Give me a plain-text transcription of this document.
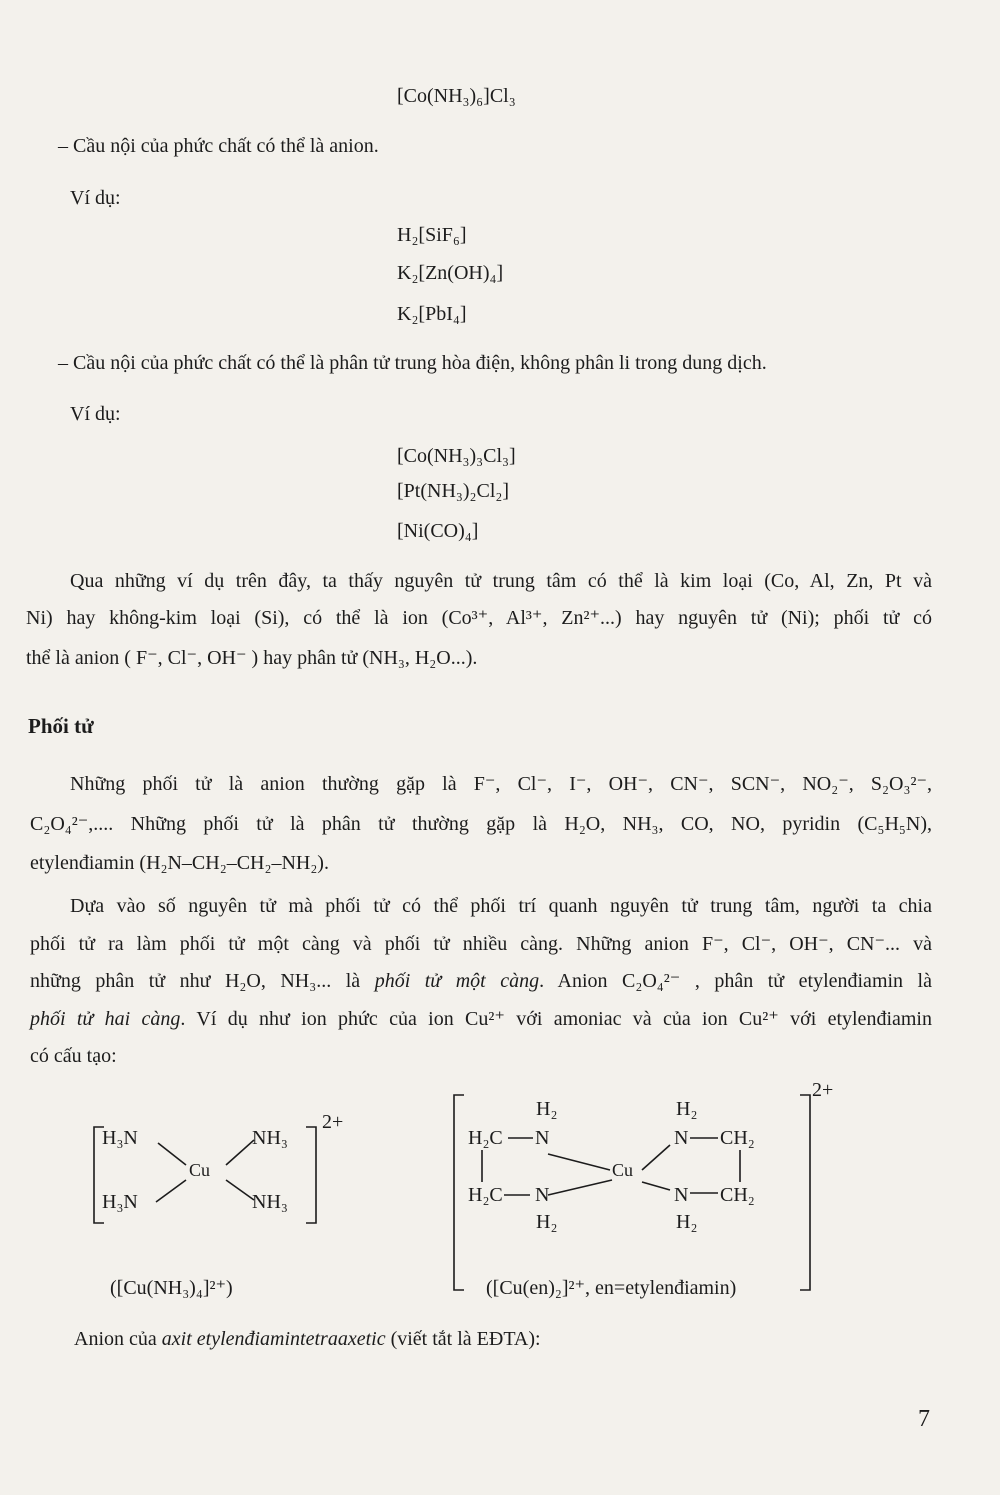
[Co(NH₃)₆]Cl₃
– Cầu nội của phức chất có thể là anion.
Ví dụ:
H₂[SiF₆]
K₂[Zn(OH)₄]
K₂[PbI₄]
– Cầu nội của phức chất có thể là phân tử trung hòa điện, không phân li trong dung dịch.
Ví dụ:
[Co(NH₃)₃Cl₃]
[Pt(NH₃)₂Cl₂]
[Ni(CO)₄]
Qua những ví dụ trên đây, ta thấy nguyên tử trung tâm có thể là kim loại (Co, Al, Zn, Pt và
Ni) hay không-kim loại (Si), có thể là ion (Co³⁺, Al³⁺, Zn²⁺...) hay nguyên tử (Ni); phối tử có
thể là anion ( F⁻, Cl⁻, OH⁻ ) hay phân tử (NH₃, H₂O...).
Phối tử
Những phối tử là anion thường gặp là F⁻, Cl⁻, I⁻, OH⁻, CN⁻, SCN⁻, NO₂⁻, S₂O₃²⁻,
C₂O₄²⁻,.... Những phối tử là phân tử thường gặp là H₂O, NH₃, CO, NO, pyridin (C₅H₅N),
etylenđiamin (H₂N–CH₂–CH₂–NH₂).
Dựa vào số nguyên tử mà phối tử có thể phối trí quanh nguyên tử trung tâm, người ta chia
phối tử ra làm phối tử một càng và phối tử nhiều càng. Những anion F⁻, Cl⁻, OH⁻, CN⁻... và
những phân tử như H₂O, NH₃... là phối tử một càng. Anion C₂O₄²⁻ , phân tử etylenđiamin là
phối tử hai càng. Ví dụ như ion phức của ion Cu²⁺ với amoniac và của ion Cu²⁺ với etylenđiamin
có cấu tạo:
H₃N	NH₃
H₃N	NH₃
Cu
2+
([Cu(NH₃)₄]²⁺)
H₂	H₂
H₂	H₂
H₂C
H₂C
CH₂
CH₂
N
N
N
N
Cu
2+
([Cu(en)₂]²⁺, en=etylenđiamin)
Anion của axit etylenđiamintetraaxetic (viết tắt là EĐTA):
7
